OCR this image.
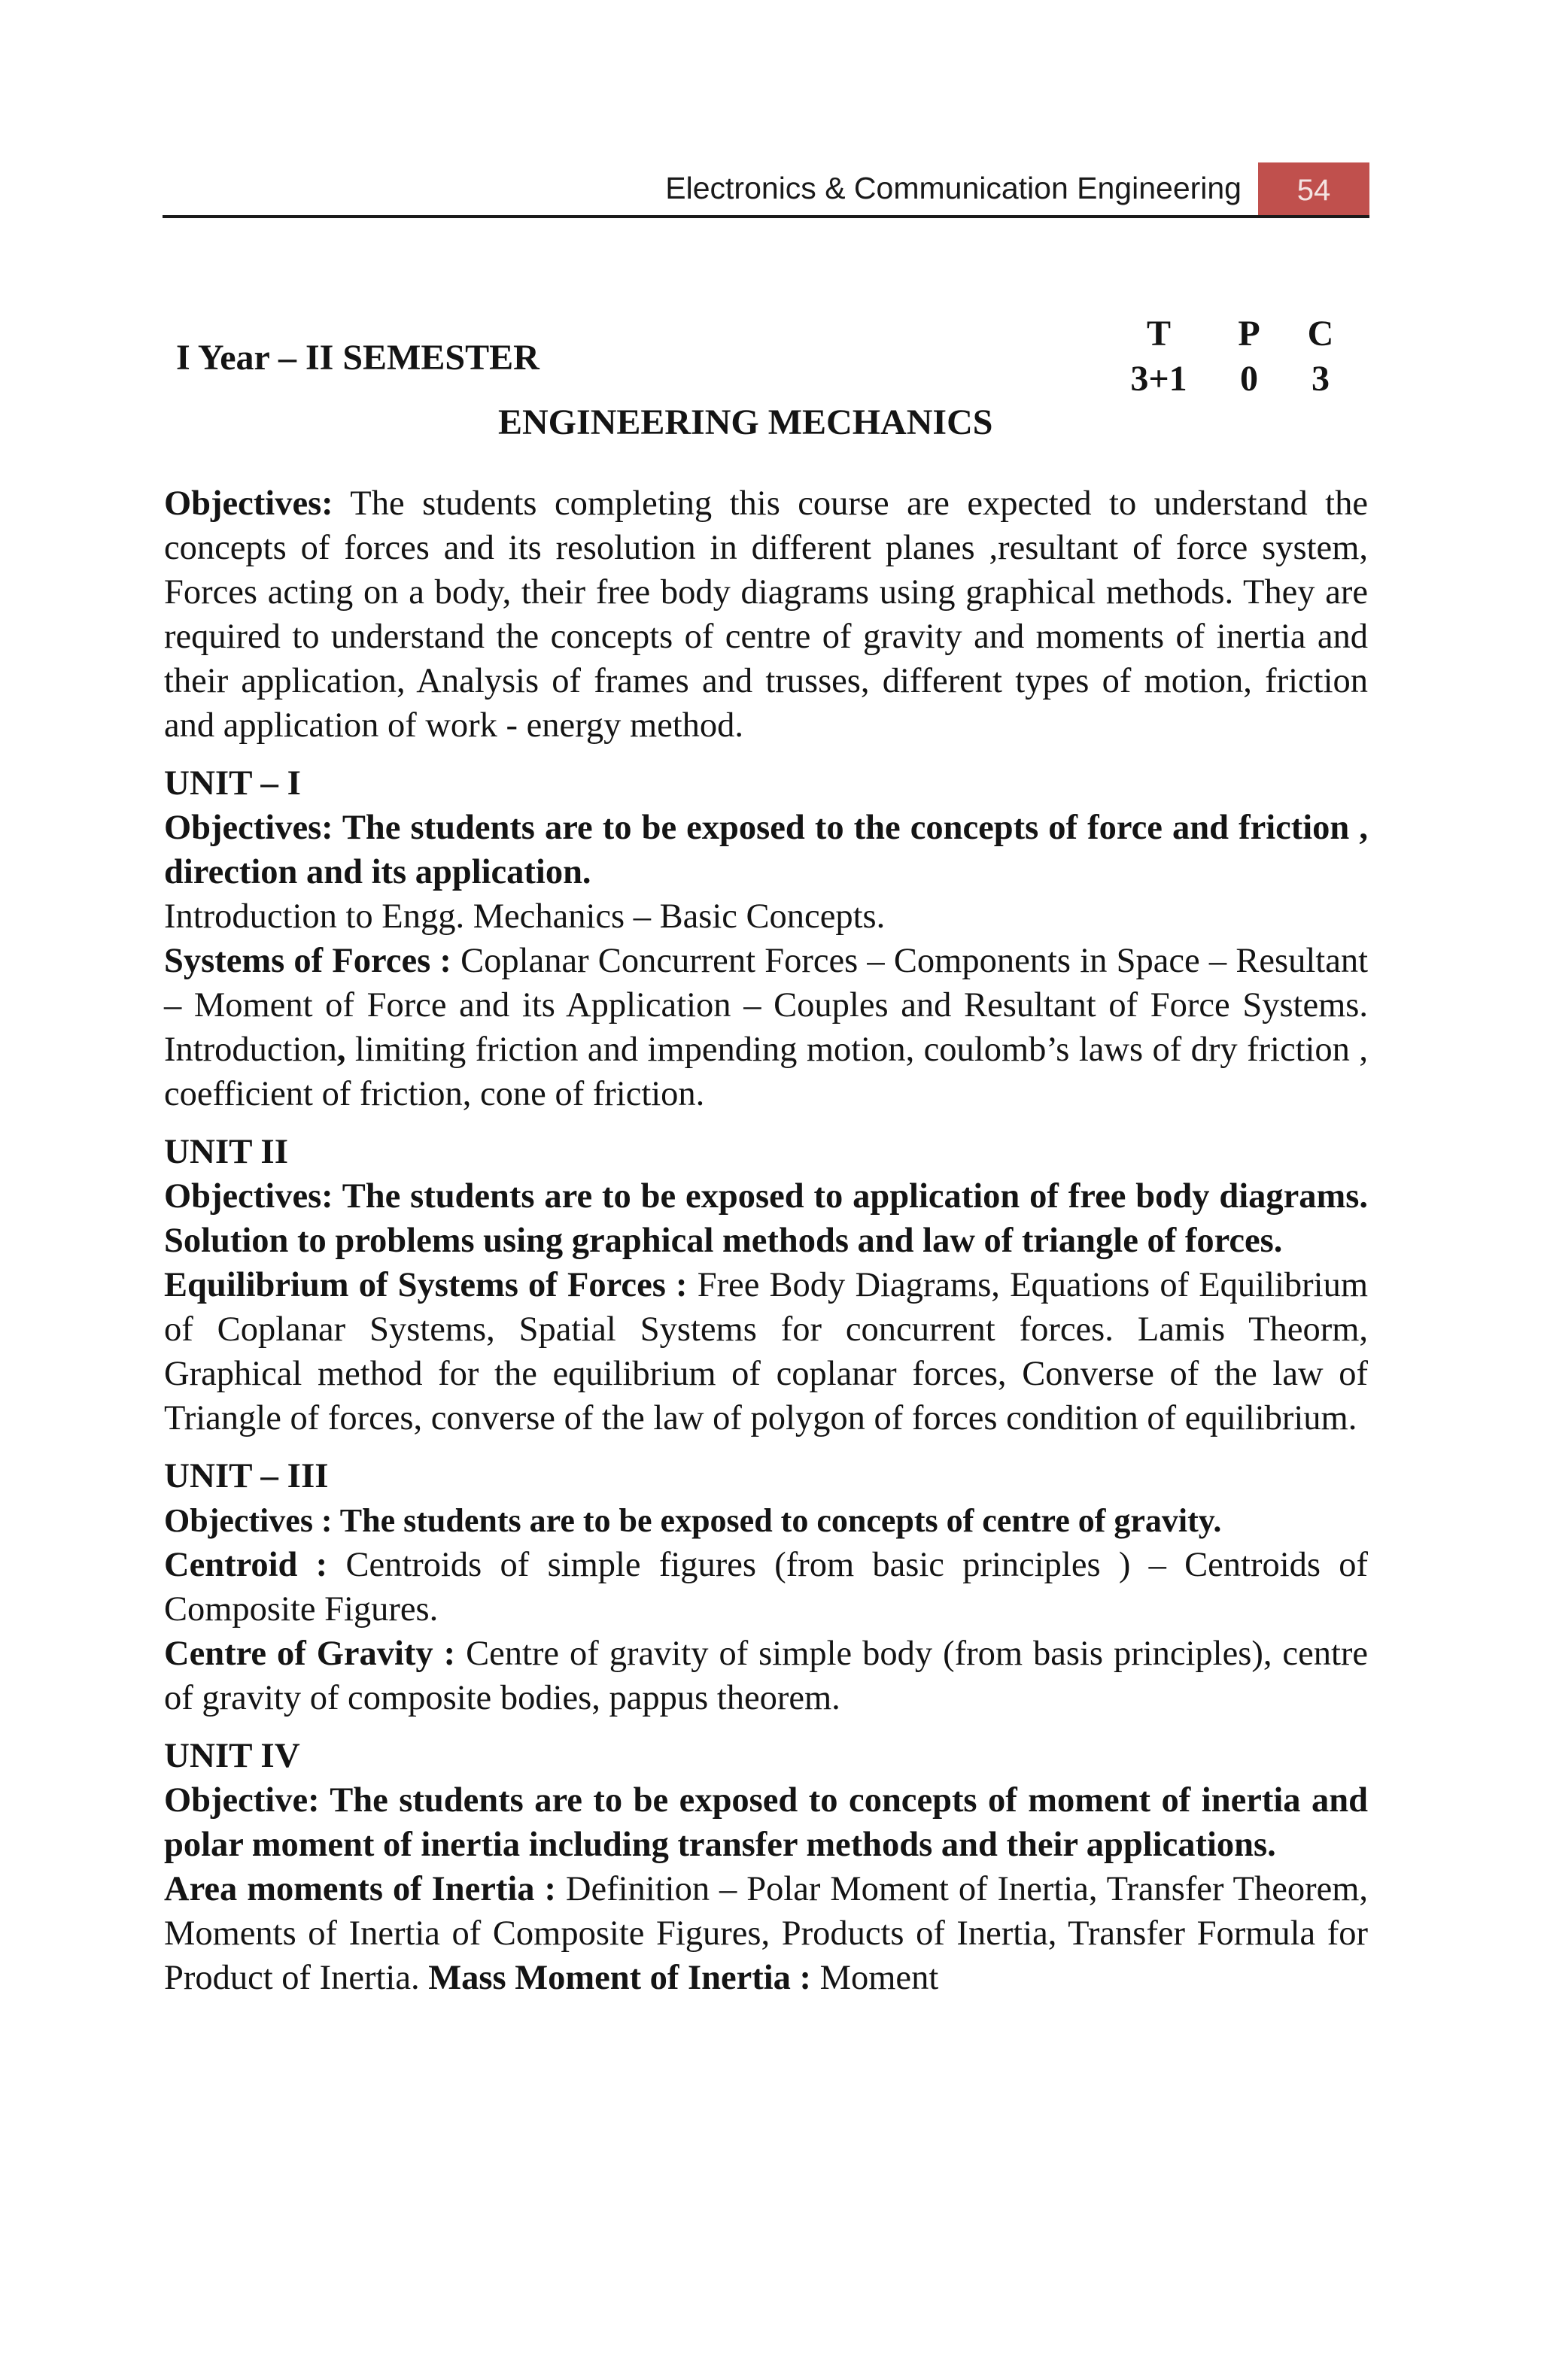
Electronics & Communication Engineering	54
I Year – II SEMESTER
ENGINEERING MECHANICS
T	P	C
3+1	0	3

Objectives: The students completing this course are expected to understand the concepts of forces and its resolution in different planes ,resultant of force system, Forces acting on a body, their free body diagrams using graphical methods. They are required to understand the concepts of centre of gravity and moments of inertia and their application, Analysis of frames and trusses, different types of motion, friction and application of work - energy method.

UNIT – I

Objectives: The students are to be exposed to the concepts of force and friction , direction and its application.

Introduction to Engg. Mechanics – Basic Concepts.

Systems of Forces : Coplanar Concurrent Forces – Components in Space – Resultant – Moment of Force and its Application – Couples and Resultant of Force Systems. Introduction, limiting friction and impending motion, coulomb’s laws of dry friction , coefficient of friction, cone of friction.

UNIT II

Objectives: The students are to be exposed to application of free body diagrams. Solution to problems using graphical methods and law of triangle of forces.

Equilibrium of Systems of Forces : Free Body Diagrams, Equations of Equilibrium of Coplanar Systems, Spatial Systems for concurrent forces. Lamis Theorm, Graphical method for the equilibrium of coplanar forces, Converse of the law of Triangle of forces, converse of the law of polygon of forces condition of equilibrium.

UNIT – III

Objectives : The students are to be exposed to concepts of centre of gravity.

Centroid : Centroids of simple figures (from basic principles ) – Centroids of Composite Figures.

Centre of Gravity : Centre of gravity of simple body (from basis principles), centre of gravity of composite bodies, pappus theorem.

UNIT IV

Objective: The students are to be exposed to concepts of moment of inertia and polar moment of inertia including transfer methods and their applications.

Area moments of Inertia : Definition – Polar Moment of Inertia, Transfer Theorem, Moments of Inertia of Composite Figures, Products of Inertia, Transfer Formula for Product of Inertia. Mass Moment of Inertia : Moment
